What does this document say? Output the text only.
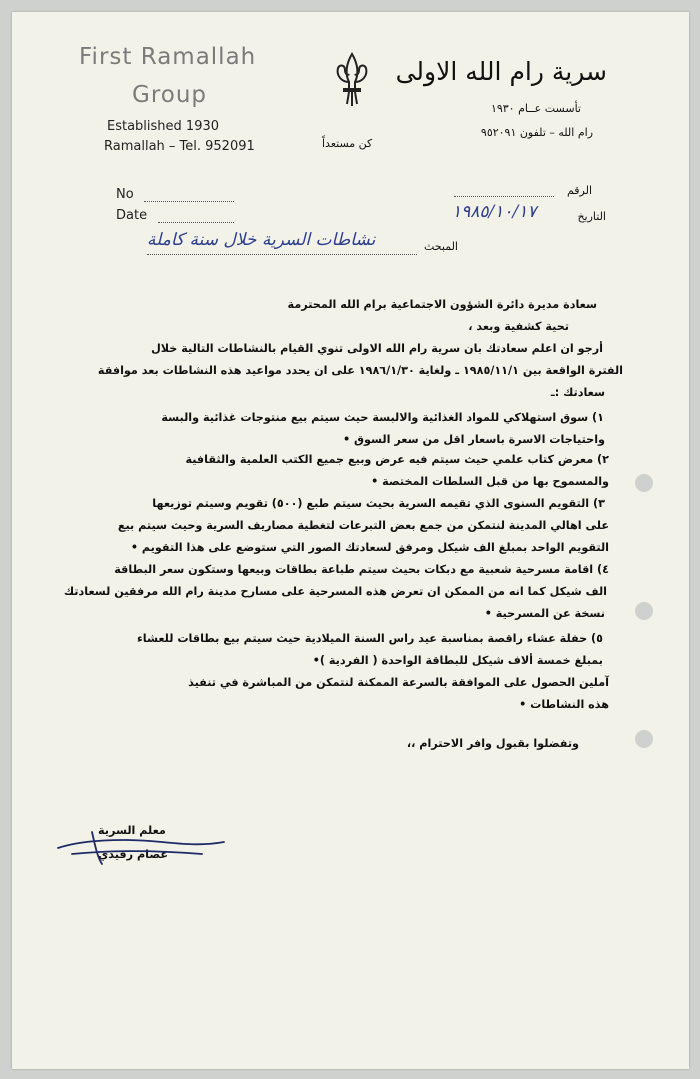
First Ramallah
Group
Established 1930
Ramallah – Tel. 952091	كن مستعداً
سرية رام الله الاولى
تأسست عــام ١٩٣٠
رام الله – تلفون ٩٥٢٠٩١
No
Date
الرقم
التاريخ
١٩٨٥/١٠/١٧
المبحث
نشاطات السرية خلال سنة كاملة
سعادة مديرة دائرة الشؤون الاجتماعية برام الله المحترمة
تحية كشفية وبعد ،
أرجو ان اعلم سعادتك بان سرية رام الله الاولى تنوي القيام بالنشاطات التالية خلال
الفترة الواقعة بين ١٩٨٥/١١/١ ـ ولغاية ١٩٨٦/١/٣٠ على ان يحدد مواعيد هذه النشاطات بعد موافقة
سعادتك :ـ
١) سوق استهلاكي للمواد الغذائية والالبسة حيث سيتم بيع منتوجات غذائية والبسة
واحتياجات الاسرة باسعار اقل من سعر السوق •
٢) معرض كتاب علمي حيث سيتم فيه عرض وبيع جميع الكتب العلمية والثقافية
والمسموح بها من قبل السلطات المختصة •
٣) التقويم السنوى الذي تقيمه السرية بحيث سيتم طبع (٥٠٠) تقويم وسيتم توزيعها
على اهالي المدينة لنتمكن من جمع بعض التبرعات لتغطية مصاريف السرية وحيث سيتم بيع
التقويم الواحد بمبلغ الف شيكل ومرفق لسعادتك الصور التي ستوضع على هذا التقويم •
٤) اقامة مسرحية شعبية مع دبكات بحيث سيتم طباعة بطاقات وبيعها وستكون سعر البطاقة
الف شيكل كما انه من الممكن ان تعرض هذه المسرحية على مسارح مدينة رام الله مرفقين لسعادتك
نسخة عن المسرحية •
٥) حفلة عشاء راقصة بمناسبة عيد راس السنة الميلادية حيث سيتم بيع بطاقات للعشاء
بمبلغ خمسة ألاف شيكل للبطاقة الواحدة ( الفردية )•
آملين الحصول على الموافقة بالسرعة الممكنة لنتمكن من المباشرة في تنفيذ
هذه النشاطات •
وتفضلوا بقبول وافر الاحترام ،،
معلم السرية
عصام رفيدي
